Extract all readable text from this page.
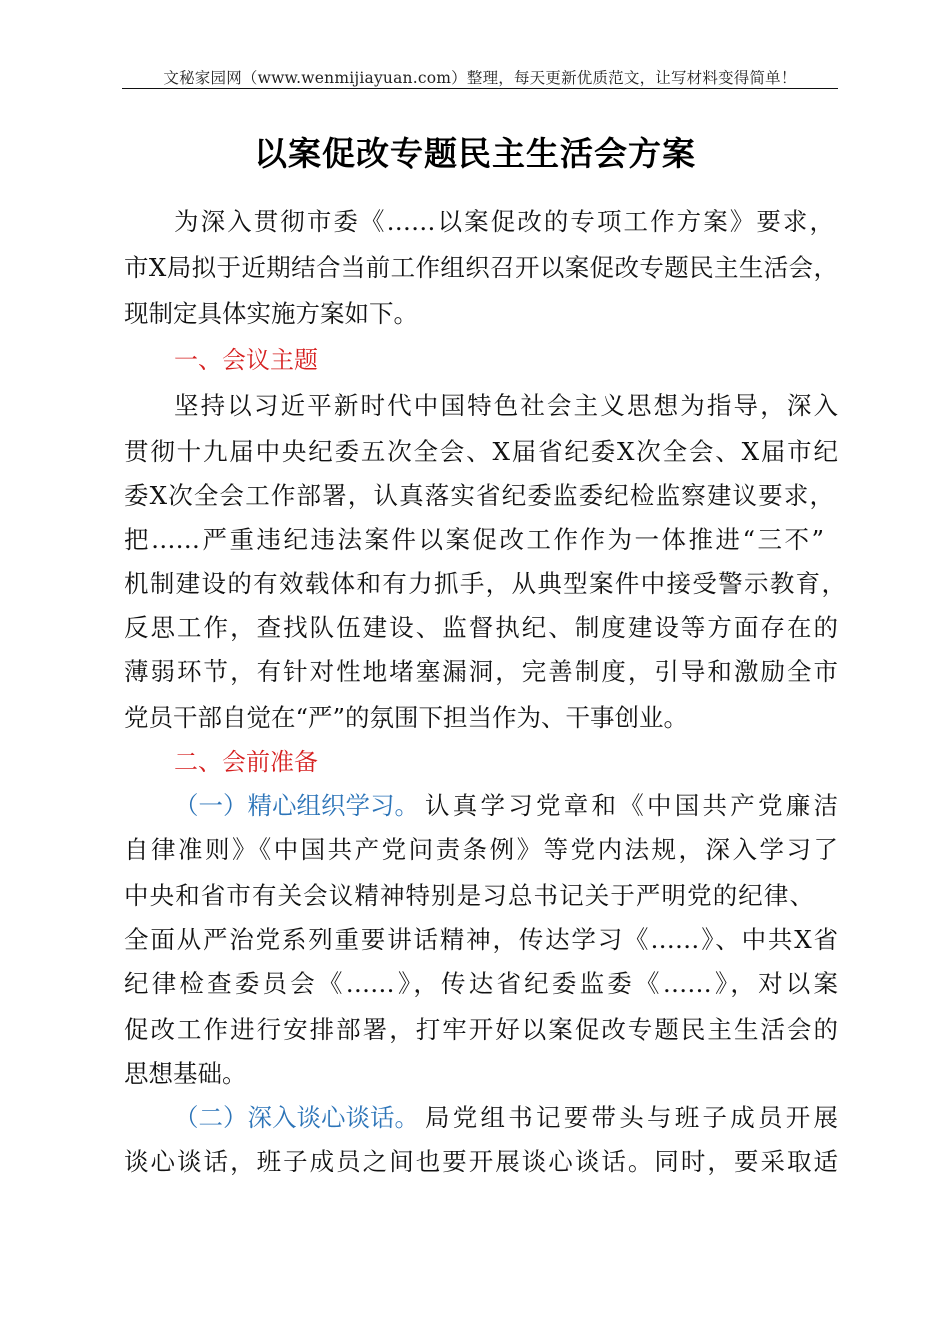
文秘家园网（www.wenmijiayuan.com）整理，每天更新优质范文，让写材料变得简单！
以案促改专题民主生活会方案
为深入贯彻市委《……以案促改的专项工作方案》要求，
市X局拟于近期结合当前工作组织召开以案促改专题民主生活会，
现制定具体实施方案如下。
一、会议主题
坚持以习近平新时代中国特色社会主义思想为指导，深入
贯彻十九届中央纪委五次全会、X届省纪委X次全会、X届市纪
委X次全会工作部署，认真落实省纪委监委纪检监察建议要求，
把……严重违纪违法案件以案促改工作作为一体推进“三不”
机制建设的有效载体和有力抓手，从典型案件中接受警示教育，
反思工作，查找队伍建设、监督执纪、制度建设等方面存在的
薄弱环节，有针对性地堵塞漏洞，完善制度，引导和激励全市
党员干部自觉在“严”的氛围下担当作为、干事创业。
二、会前准备
（一）精心组织学习。 认真学习党章和《中国共产党廉洁
自律准则》《中国共产党问责条例》等党内法规，深入学习了
中央和省市有关会议精神特别是习总书记关于严明党的纪律、
全面从严治党系列重要讲话精神，传达学习《……》、中共X省
纪律检查委员会《……》，传达省纪委监委《……》，对以案
促改工作进行安排部署，打牢开好以案促改专题民主生活会的
思想基础。
（二）深入谈心谈话。 局党组书记要带头与班子成员开展
谈心谈话，班子成员之间也要开展谈心谈话。同时，要采取适
